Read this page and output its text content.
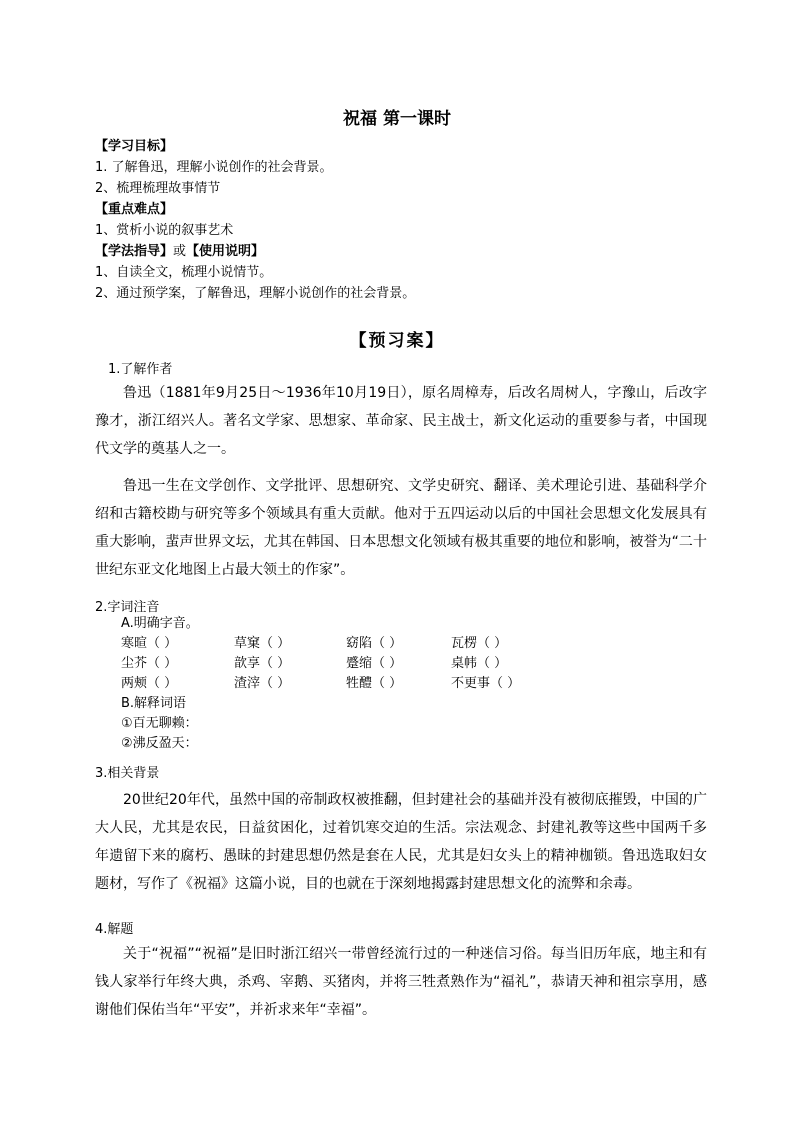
祝福 第一课时
【学习目标】
1. 了解鲁迅，理解小说创作的社会背景。
2、梳理梳理故事情节
【重点难点】
1、赏析小说的叙事艺术
【学法指导】或【使用说明】
1、自读全文，梳理小说情节。
2、通过预学案，了解鲁迅，理解小说创作的社会背景。
【预习案】
1.了解作者

鲁迅（1881年9月25日～1936年10月19日），原名周樟寿，后改名周树人，字豫山，后改字豫才，浙江绍兴人。著名文学家、思想家、革命家、民主战士，新文化运动的重要参与者，中国现代文学的奠基人之一。

鲁迅一生在文学创作、文学批评、思想研究、文学史研究、翻译、美术理论引进、基础科学介绍和古籍校勘与研究等多个领域具有重大贡献。他对于五四运动以后的中国社会思想文化发展具有重大影响，蜚声世界文坛，尤其在韩国、日本思想文化领域有极其重要的地位和影响，被誉为“二十世纪东亚文化地图上占最大领土的作家”。

2.字词注音
A.明确字音。
寒暄（ ）	草窠（ ）	窈陷（ ）	瓦楞（ ）
尘芥（ ）	歆享（ ）	蹙缩（ ）	桌帏（ ）
两颊（ ）	渣滓（ ）	牲醴（ ）	不更事（ ）
B.解释词语
①百无聊赖：
②沸反盈天：
3.相关背景

20世纪20年代，虽然中国的帝制政权被推翻，但封建社会的基础并没有被彻底摧毁，中国的广大人民，尤其是农民，日益贫困化，过着饥寒交迫的生活。宗法观念、封建礼教等这些中国两千多年遗留下来的腐朽、愚昧的封建思想仍然是套在人民，尤其是妇女头上的精神枷锁。鲁迅选取妇女题材，写作了《祝福》这篇小说，目的也就在于深刻地揭露封建思想文化的流弊和余毒。

4.解题

关于“祝福”“祝福”是旧时浙江绍兴一带曾经流行过的一种迷信习俗。每当旧历年底，地主和有钱人家举行年终大典，杀鸡、宰鹅、买猪肉，并将三牲煮熟作为“福礼”，恭请天神和祖宗享用，感谢他们保佑当年“平安”，并祈求来年“幸福”。
